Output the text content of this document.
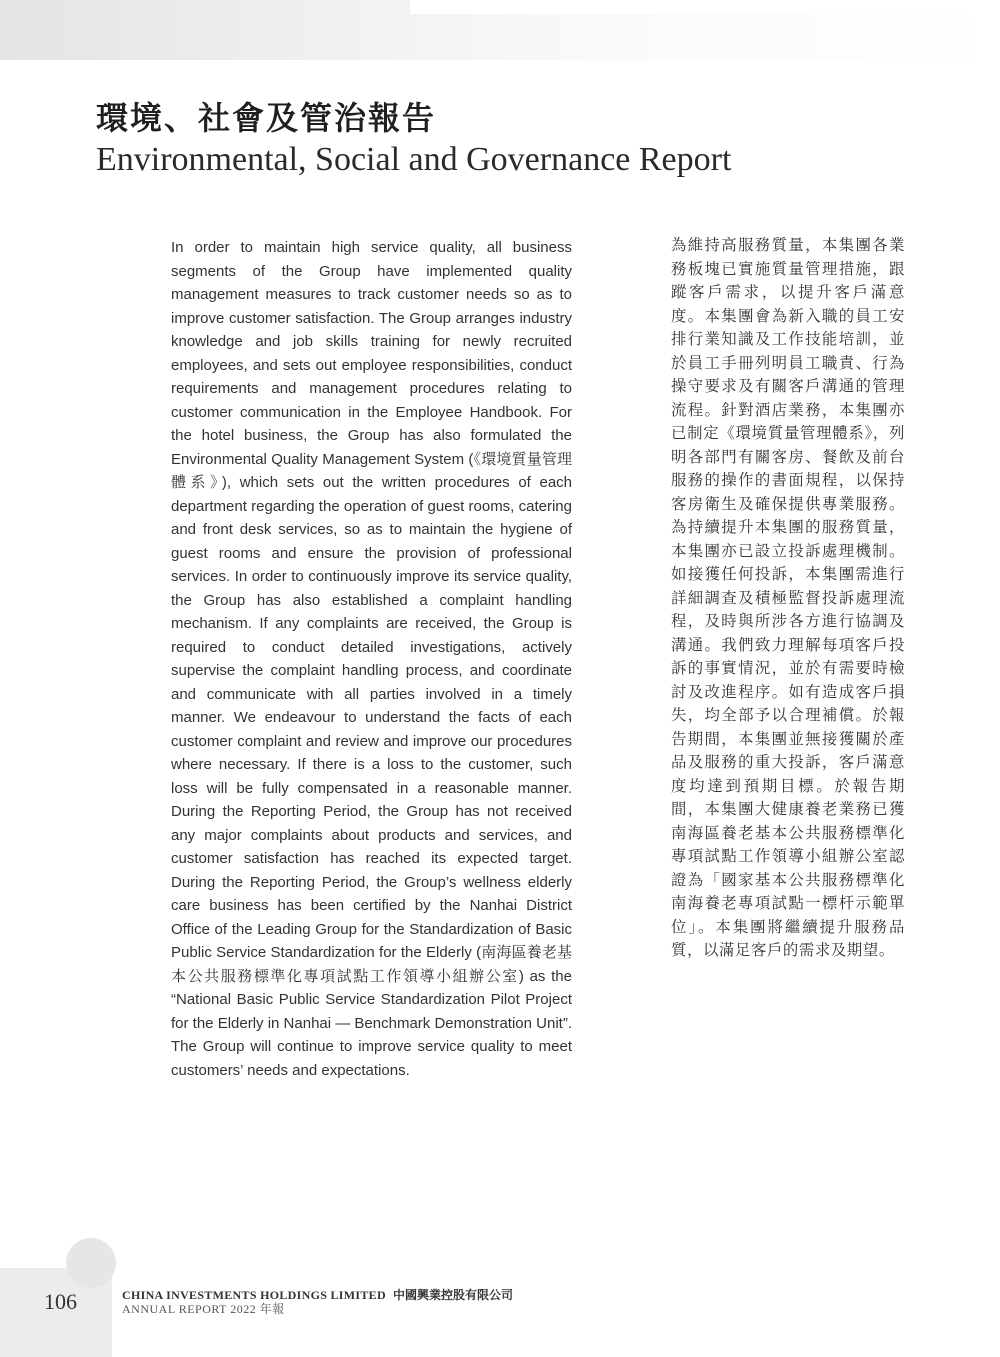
環境、社會及管治報告
Environmental, Social and Governance Report

In order to maintain high service quality, all business segments of the Group have implemented quality management measures to track customer needs so as to improve customer satisfaction. The Group arranges industry knowledge and job skills training for newly recruited employees, and sets out employee responsibilities, conduct requirements and management procedures relating to customer communication in the Employee Handbook. For the hotel business, the Group has also formulated the Environmental Quality Management System (《環境質量管理體系》), which sets out the written procedures of each department regarding the operation of guest rooms, catering and front desk services, so as to maintain the hygiene of guest rooms and ensure the provision of professional services. In order to continuously improve its service quality, the Group has also established a complaint handling mechanism. If any complaints are received, the Group is required to conduct detailed investigations, actively supervise the complaint handling process, and coordinate and communicate with all parties involved in a timely manner. We endeavour to understand the facts of each customer complaint and review and improve our procedures where necessary. If there is a loss to the customer, such loss will be fully compensated in a reasonable manner. During the Reporting Period, the Group has not received any major complaints about products and services, and customer satisfaction has reached its expected target. During the Reporting Period, the Group’s wellness elderly care business has been certified by the Nanhai District Office of the Leading Group for the Standardization of Basic Public Service Standardization for the Elderly (南海區養老基本公共服務標準化專項試點工作領導小組辦公室) as the “National Basic Public Service Standardization Pilot Project for the Elderly in Nanhai — Benchmark Demonstration Unit”. The Group will continue to improve service quality to meet customers’ needs and expectations.

為維持高服務質量，本集團各業務板塊已實施質量管理措施，跟蹤客戶需求，以提升客戶滿意度。本集團會為新入職的員工安排行業知識及工作技能培訓，並於員工手冊列明員工職責、行為操守要求及有關客戶溝通的管理流程。針對酒店業務，本集團亦已制定《環境質量管理體系》，列明各部門有關客房、餐飲及前台服務的操作的書面規程，以保持客房衛生及確保提供專業服務。為持續提升本集團的服務質量，本集團亦已設立投訴處理機制。如接獲任何投訴，本集團需進行詳細調查及積極監督投訴處理流程，及時與所涉各方進行協調及溝通。我們致力理解每項客戶投訴的事實情況，並於有需要時檢討及改進程序。如有造成客戶損失，均全部予以合理補償。於報告期間，本集團並無接獲關於產品及服務的重大投訴，客戶滿意度均達到預期目標。於報告期間，本集團大健康養老業務已獲南海區養老基本公共服務標準化專項試點工作領導小組辦公室認證為「國家基本公共服務標準化南海養老專項試點一標杆示範單位」。本集團將繼續提升服務品質，以滿足客戶的需求及期望。

106	CHINA INVESTMENTS HOLDINGS LIMITED 中國興業控股有限公司
ANNUAL REPORT 2022 年報
